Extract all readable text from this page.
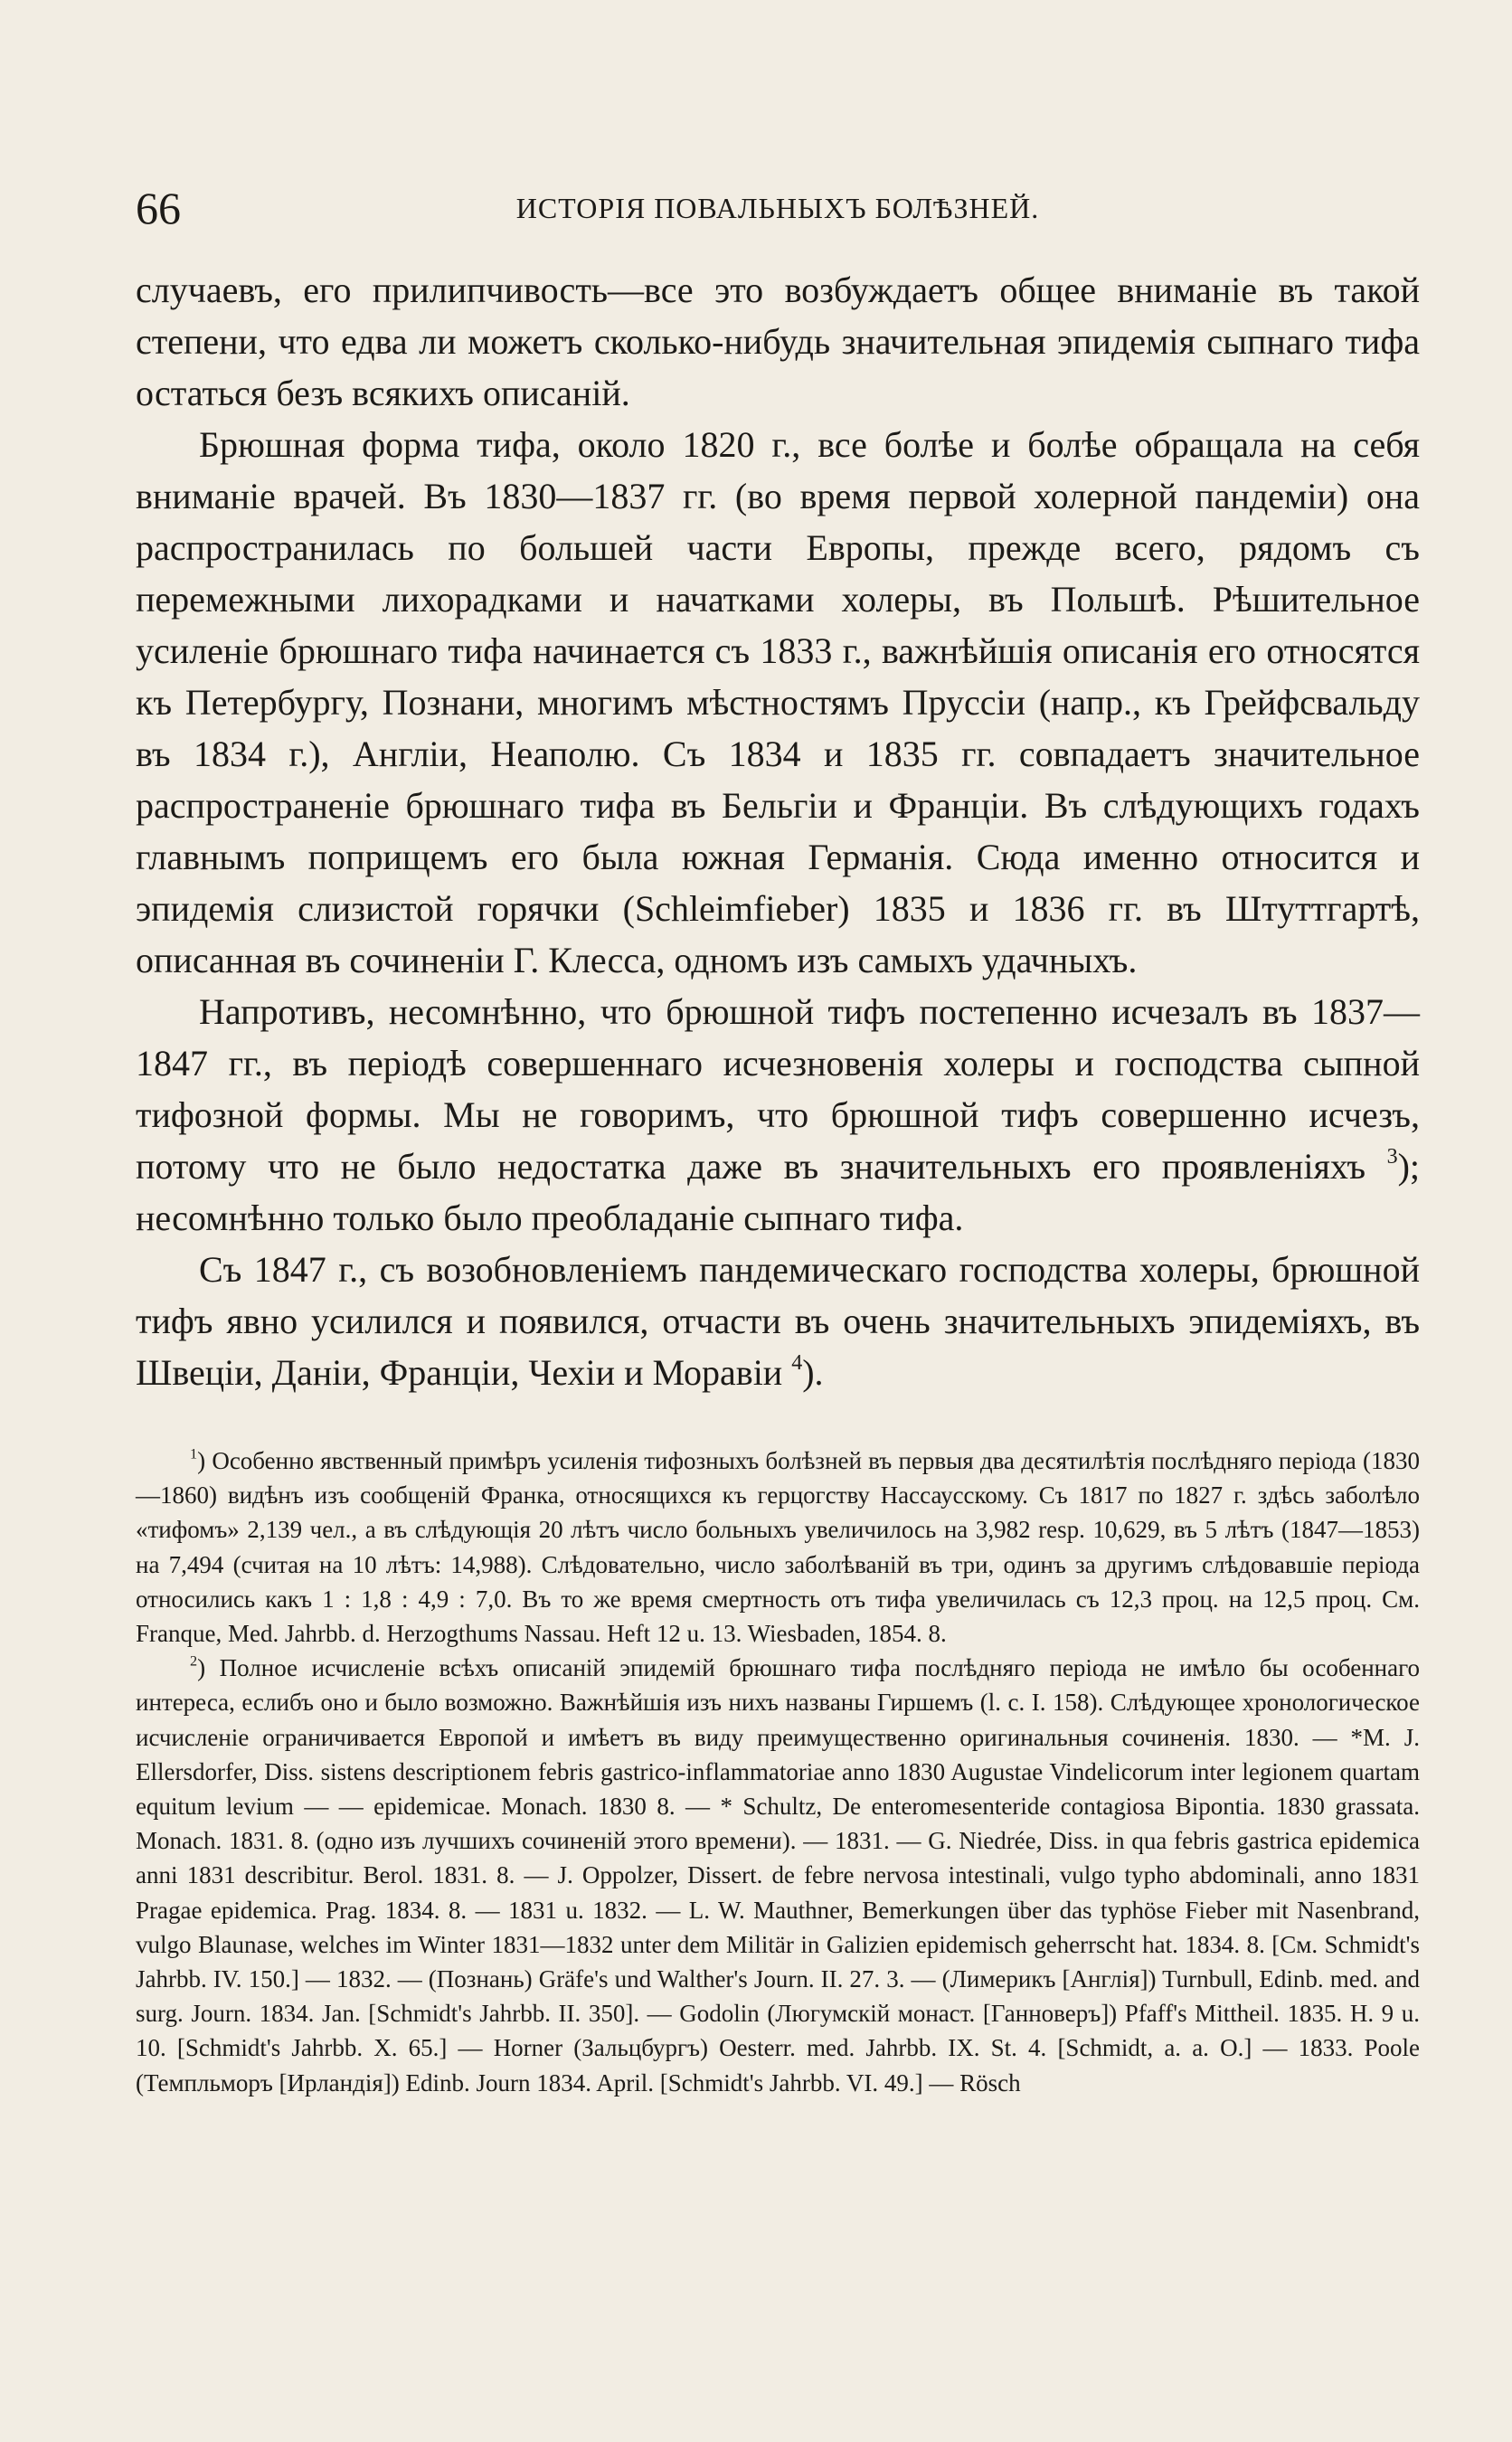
66	ИСТОРІЯ ПОВАЛЬНЫХЪ БОЛѢЗНЕЙ.

случаевъ, его прилипчивость—все это возбуждаетъ общее вниманіе въ такой степени, что едва ли можетъ сколько-нибудь значительная эпидемія сыпнаго тифа остаться безъ всякихъ описаній.

Брюшная форма тифа, около 1820 г., все болѣе и болѣе обращала на себя вниманіе врачей. Въ 1830—1837 гг. (во время первой холерной пандеміи) она распространилась по большей части Европы, прежде всего, рядомъ съ перемежными лихорадками и начатками холеры, въ Польшѣ. Рѣшительное усиленіе брюшнаго тифа начинается съ 1833 г., важнѣйшія описанія его относятся къ Петербургу, Познани, многимъ мѣстностямъ Пруссіи (напр., къ Грейфсвальду въ 1834 г.), Англіи, Неаполю. Съ 1834 и 1835 гг. совпадаетъ значительное распространеніе брюшнаго тифа въ Бельгіи и Франціи. Въ слѣдующихъ годахъ главнымъ поприщемъ его была южная Германія. Сюда именно относится и эпидемія слизистой горячки (Schleimfieber) 1835 и 1836 гг. въ Штуттгартѣ, описанная въ сочиненіи Г. Клесса, одномъ изъ самыхъ удачныхъ.

Напротивъ, несомнѣнно, что брюшной тифъ постепенно исчезалъ въ 1837—1847 гг., въ періодѣ совершеннаго исчезновенія холеры и господства сыпной тифозной формы. Мы не говоримъ, что брюшной тифъ совершенно исчезъ, потому что не было недостатка даже въ значительныхъ его проявленіяхъ $^3$); несомнѣнно только было преобладаніе сыпнаго тифа.

Съ 1847 г., съ возобновленіемъ пандемическаго господства холеры, брюшной тифъ явно усилился и появился, отчасти въ очень значительныхъ эпидеміяхъ, въ Швеціи, Даніи, Франціи, Чехіи и Моравіи $^4$).

$^1$) Особенно явственный примѣръ усиленія тифозныхъ болѣзней въ первыя два десятилѣтія послѣдняго періода (1830—1860) видѣнъ изъ сообщеній Франка, относящихся къ герцогству Нассаусскому. Съ 1817 по 1827 г. здѣсь заболѣло «тифомъ» 2,139 чел., а въ слѣдующія 20 лѣтъ число больныхъ увеличилось на 3,982 resp. 10,629, въ 5 лѣтъ (1847—1853) на 7,494 (считая на 10 лѣтъ: 14,988). Слѣдовательно, число заболѣваній въ три, одинъ за другимъ слѣдовавшіе періода относились какъ 1 : 1,8 : 4,9 : 7,0. Въ то же время смертность отъ тифа увеличилась съ 12,3 проц. на 12,5 проц. См. Franque, Med. Jahrbb. d. Herzogthums Nassau. Heft 12 u. 13. Wiesbaden, 1854. 8.

$^2$) Полное исчисленіе всѣхъ описаній эпидемій брюшнаго тифа послѣдняго періода не имѣло бы особеннаго интереса, еслибъ оно и было возможно. Важнѣйшія изъ нихъ названы Гиршемъ (l. c. I. 158). Слѣдующее хронологическое исчисленіе ограничивается Европой и имѣетъ въ виду преимущественно оригинальныя сочиненія. 1830. — *M. J. Ellersdorfer, Diss. sistens descriptionem febris gastrico-inflammatoriae anno 1830 Augustae Vindelicorum inter legionem quartam equitum levium — — epidemicae. Monach. 1830 8. — * Schultz, De enteromesenteride contagiosa Bipontia. 1830 grassata. Monach. 1831. 8. (одно изъ лучшихъ сочиненій этого времени). — 1831. — G. Niedrée, Diss. in qua febris gastrica epidemica anni 1831 describitur. Berol. 1831. 8. — J. Oppolzer, Dissert. de febre nervosa intestinali, vulgo typho abdominali, anno 1831 Pragae epidemica. Prag. 1834. 8. — 1831 u. 1832. — L. W. Mauthner, Bemerkungen über das typhöse Fieber mit Nasenbrand, vulgo Blaunase, welches im Winter 1831—1832 unter dem Militär in Galizien epidemisch geherrscht hat. 1834. 8. [См. Schmidt's Jahrbb. IV. 150.] — 1832. — (Познань) Gräfe's und Walther's Journ. II. 27. 3. — (Лимерикъ [Англія]) Turnbull, Edinb. med. and surg. Journ. 1834. Jan. [Schmidt's Jahrbb. II. 350]. — Godolin (Люгумскій монаст. [Ганноверъ]) Pfaff's Mittheil. 1835. H. 9 u. 10. [Schmidt's Jahrbb. X. 65.] — Horner (Зальцбургъ) Oesterr. med. Jahrbb. IX. St. 4. [Schmidt, a. a. O.] — 1833. Poole (Темпльморъ [Ирландія]) Edinb. Journ 1834. April. [Schmidt's Jahrbb. VI. 49.] — Rösch
